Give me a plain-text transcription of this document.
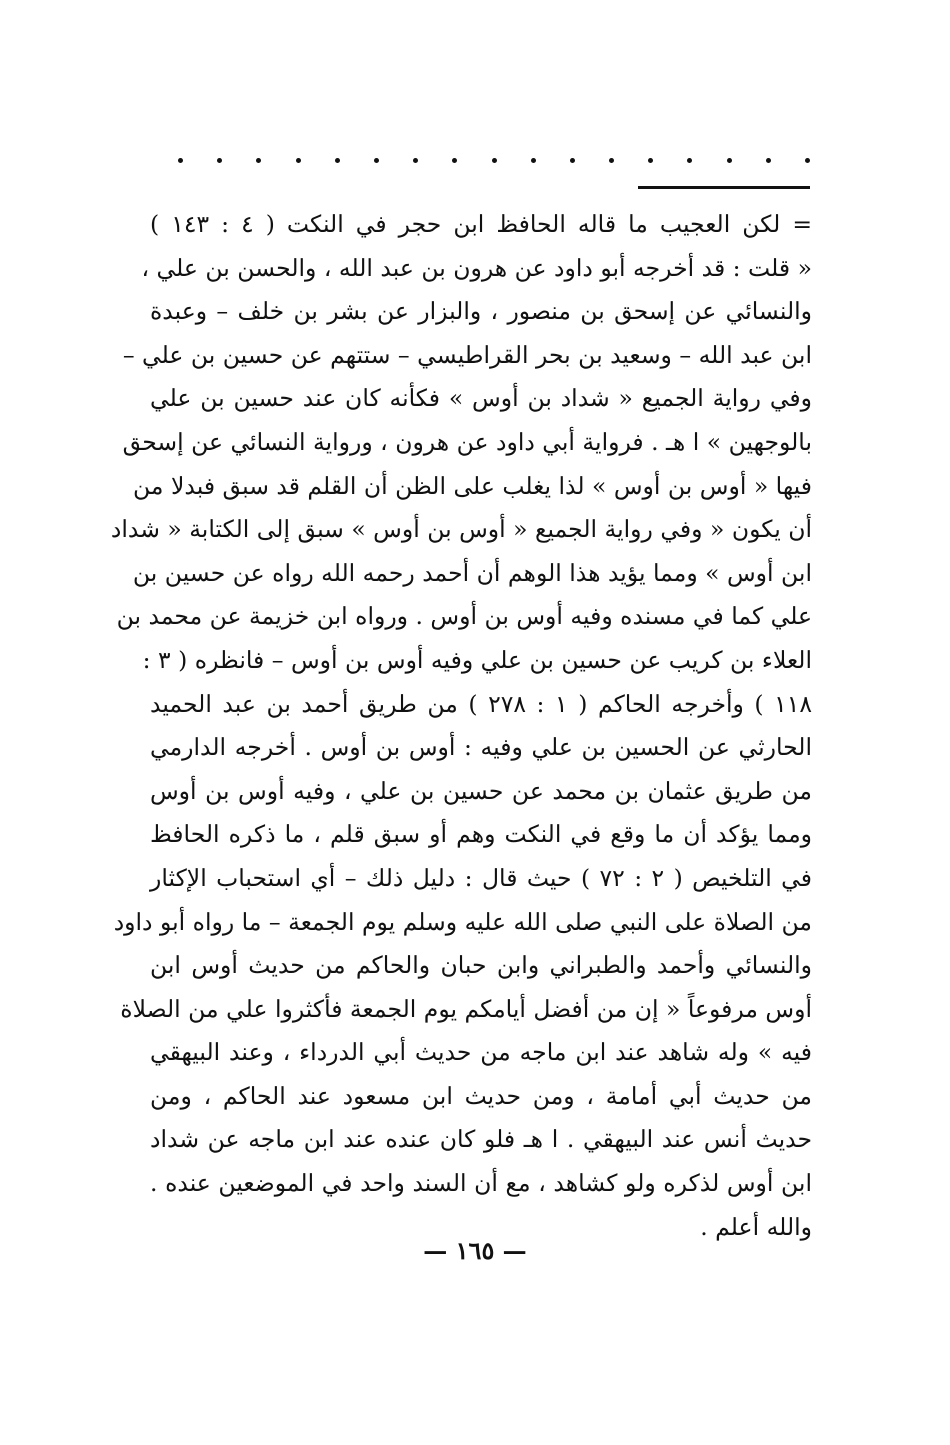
= لكن العجيب ما قاله الحافظ ابن حجر في النكت ( ٤ : ١٤٣ )
« قلت : قد أخرجه أبو داود عن هرون بن عبد الله ، والحسن بن علي ،
والنسائي عن إسحق بن منصور ، والبزار عن بشر بن خلف – وعبدة
ابن عبد الله – وسعيد بن بحر القراطيسي – ستتهم عن حسين بن علي –
وفي رواية الجميع « شداد بن أوس » فكأنه كان عند حسين بن علي
بالوجهين » ا هـ . فرواية أبي داود عن هرون ، ورواية النسائي عن إسحق
فيها « أوس بن أوس » لذا يغلب على الظن أن القلم قد سبق فبدلا من
أن يكون « وفي رواية الجميع « أوس بن أوس » سبق إلى الكتابة « شداد
ابن أوس » ومما يؤيد هذا الوهم أن أحمد رحمه الله رواه عن حسين بن
علي كما في مسنده وفيه أوس بن أوس . ورواه ابن خزيمة عن محمد بن
العلاء بن كريب عن حسين بن علي وفيه أوس بن أوس – فانظره ( ٣ :
١١٨ ) وأخرجه الحاكم ( ١ : ٢٧٨ ) من طريق أحمد بن عبد الحميد
الحارثي عن الحسين بن علي وفيه : أوس بن أوس . أخرجه الدارمي
من طريق عثمان بن محمد عن حسين بن علي ، وفيه أوس بن أوس
ومما يؤكد أن ما وقع في النكت وهم أو سبق قلم ، ما ذكره الحافظ
في التلخيص ( ٢ : ٧٢ ) حيث قال : دليل ذلك – أي استحباب الإكثار
من الصلاة على النبي صلى الله عليه وسلم يوم الجمعة – ما رواه أبو داود
والنسائي وأحمد والطبراني وابن حبان والحاكم من حديث أوس ابن
أوس مرفوعاً « إن من أفضل أيامكم يوم الجمعة فأكثروا علي من الصلاة
فيه » وله شاهد عند ابن ماجه من حديث أبي الدرداء ، وعند البيهقي
من حديث أبي أمامة ، ومن حديث ابن مسعود عند الحاكم ، ومن
حديث أنس عند البيهقي . ا هـ فلو كان عنده عند ابن ماجه عن شداد
ابن أوس لذكره ولو كشاهد ، مع أن السند واحد في الموضعين عنده .
والله أعلم .
— ١٦٥ —
